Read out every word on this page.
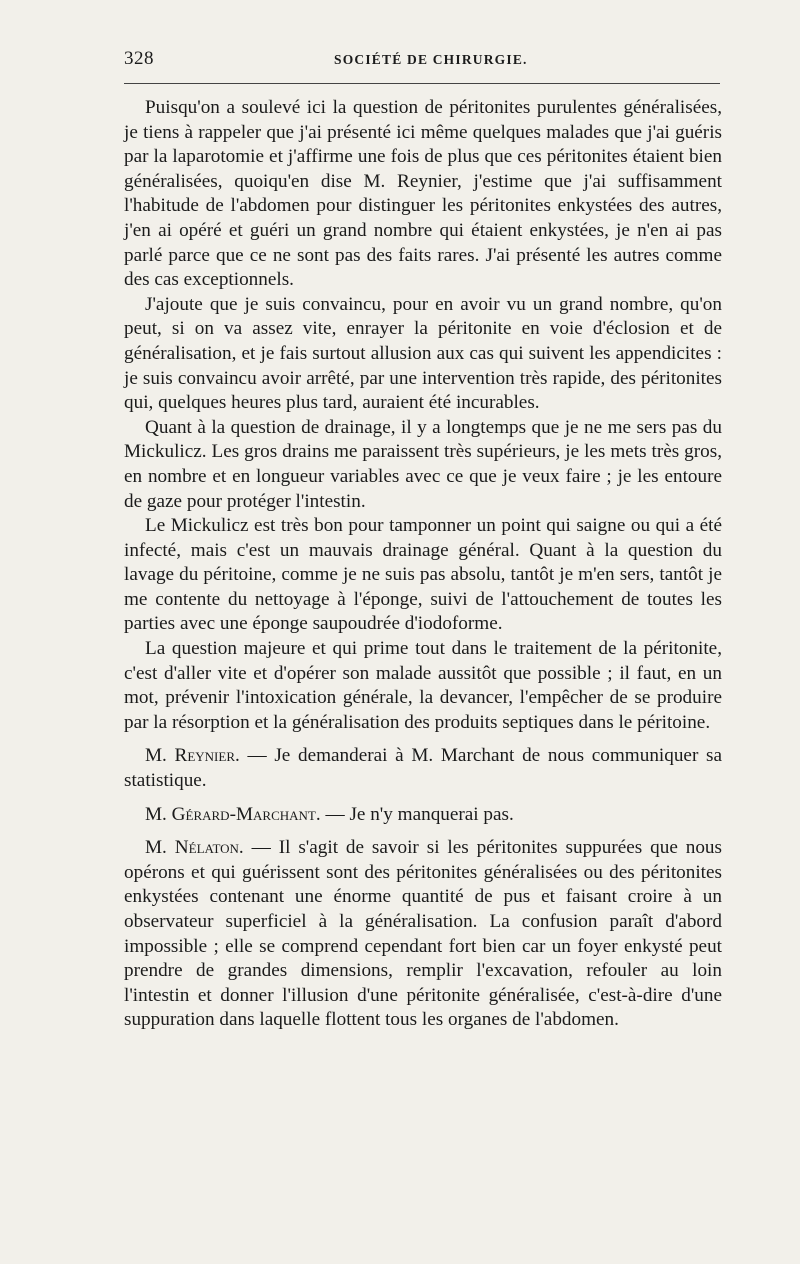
328	SOCIÉTÉ DE CHIRURGIE.

Puisqu'on a soulevé ici la question de péritonites purulentes généralisées, je tiens à rappeler que j'ai présenté ici même quelques malades que j'ai guéris par la laparotomie et j'affirme une fois de plus que ces péritonites étaient bien généralisées, quoiqu'en dise M. Reynier, j'estime que j'ai suffisamment l'habitude de l'abdomen pour distinguer les péritonites enkystées des autres, j'en ai opéré et guéri un grand nombre qui étaient enkystées, je n'en ai pas parlé parce que ce ne sont pas des faits rares. J'ai présenté les autres comme des cas exceptionnels.

J'ajoute que je suis convaincu, pour en avoir vu un grand nombre, qu'on peut, si on va assez vite, enrayer la péritonite en voie d'éclosion et de généralisation, et je fais surtout allusion aux cas qui suivent les appendicites : je suis convaincu avoir arrêté, par une intervention très rapide, des péritonites qui, quelques heures plus tard, auraient été incurables.

Quant à la question de drainage, il y a longtemps que je ne me sers pas du Mickulicz. Les gros drains me paraissent très supérieurs, je les mets très gros, en nombre et en longueur variables avec ce que je veux faire ; je les entoure de gaze pour protéger l'intestin.

Le Mickulicz est très bon pour tamponner un point qui saigne ou qui a été infecté, mais c'est un mauvais drainage général. Quant à la question du lavage du péritoine, comme je ne suis pas absolu, tantôt je m'en sers, tantôt je me contente du nettoyage à l'éponge, suivi de l'attouchement de toutes les parties avec une éponge saupoudrée d'iodoforme.

La question majeure et qui prime tout dans le traitement de la péritonite, c'est d'aller vite et d'opérer son malade aussitôt que possible ; il faut, en un mot, prévenir l'intoxication générale, la devancer, l'empêcher de se produire par la résorption et la généralisation des produits septiques dans le péritoine.

M. Reynier. — Je demanderai à M. Marchant de nous communiquer sa statistique.

M. Gérard-Marchant. — Je n'y manquerai pas.

M. Nélaton. — Il s'agit de savoir si les péritonites suppurées que nous opérons et qui guérissent sont des péritonites généralisées ou des péritonites enkystées contenant une énorme quantité de pus et faisant croire à un observateur superficiel à la généralisation. La confusion paraît d'abord impossible ; elle se comprend cependant fort bien car un foyer enkysté peut prendre de grandes dimensions, remplir l'excavation, refouler au loin l'intestin et donner l'illusion d'une péritonite généralisée, c'est-à-dire d'une suppuration dans laquelle flottent tous les organes de l'abdomen.
